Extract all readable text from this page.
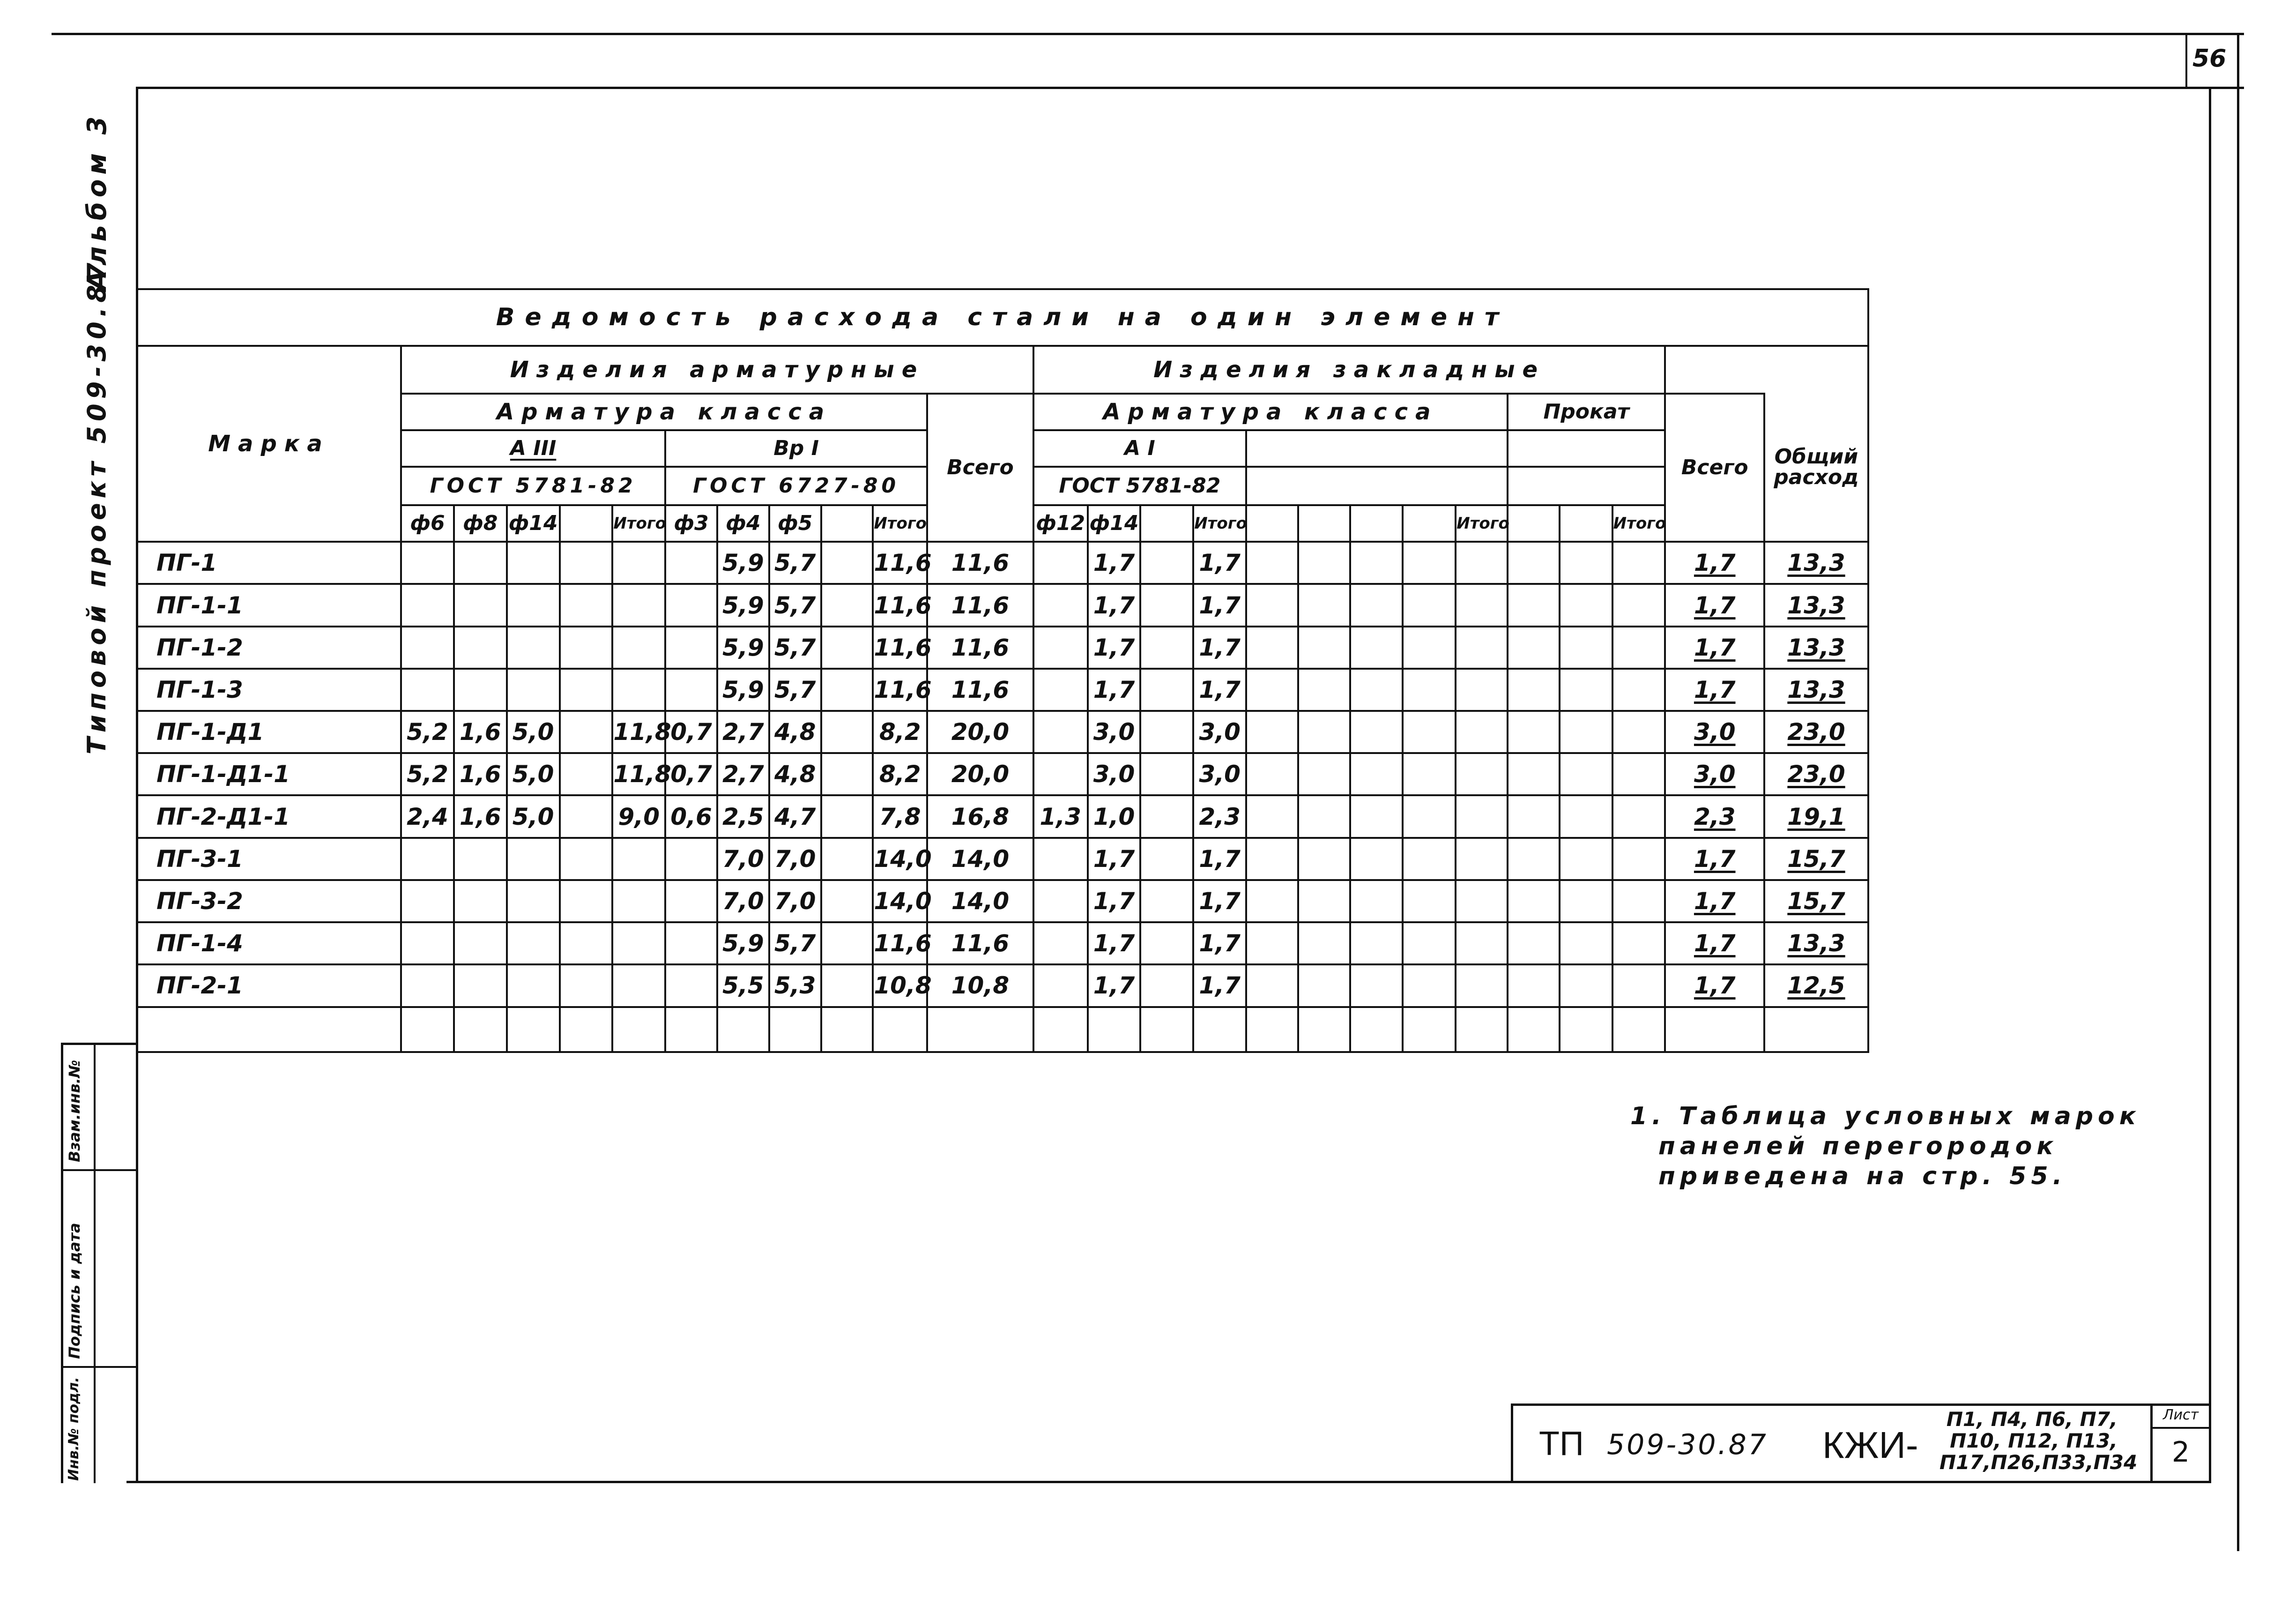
56
Альбом 3
Типовой проект 509-30.87	Ведомость расхода стали на один элемент																									
Марка	Изделия арматурные											Изделия закладные													
	Арматура класса										Всего	Арматура класса									Прокат			Всего	Общий расход
	А III					Вр I						А I													
	ГОСТ 5781-82					ГОСТ 6727-80						ГОСТ 5781-82													
	ф6	ф8	ф14		Итого	ф3	ф4	ф5		Итого		ф12	ф14		Итого					Итого			Итого		
ПГ-1							5,9	5,7		11,6	11,6		1,7		1,7									1,7	13,3
ПГ-1-1							5,9	5,7		11,6	11,6		1,7		1,7									1,7	13,3
ПГ-1-2							5,9	5,7		11,6	11,6		1,7		1,7									1,7	13,3
ПГ-1-3							5,9	5,7		11,6	11,6		1,7		1,7									1,7	13,3
ПГ-1-Д1	5,2	1,6	5,0		11,8	0,7	2,7	4,8		8,2	20,0		3,0		3,0									3,0	23,0
ПГ-1-Д1-1	5,2	1,6	5,0		11,8	0,7	2,7	4,8		8,2	20,0		3,0		3,0									3,0	23,0
ПГ-2-Д1-1	2,4	1,6	5,0		9,0	0,6	2,5	4,7		7,8	16,8	1,3	1,0		2,3									2,3	19,1
ПГ-3-1							7,0	7,0		14,0	14,0		1,7		1,7									1,7	15,7
ПГ-3-2							7,0	7,0		14,0	14,0		1,7		1,7									1,7	15,7
ПГ-1-4							5,9	5,7		11,6	11,6		1,7		1,7									1,7	13,3
ПГ-2-1							5,5	5,3		10,8	10,8		1,7		1,7									1,7	12,5

1. Таблица условных марок
панелей перегородок
приведена на стр. 55.
Взам.инв.№
Подпись и дата
Инв.№ подл.	ТП 509-30.87 КЖИ-
П1, П4, П6, П7,
П10, П12, П13,
П17,П26,П33,П34
Лист
2
